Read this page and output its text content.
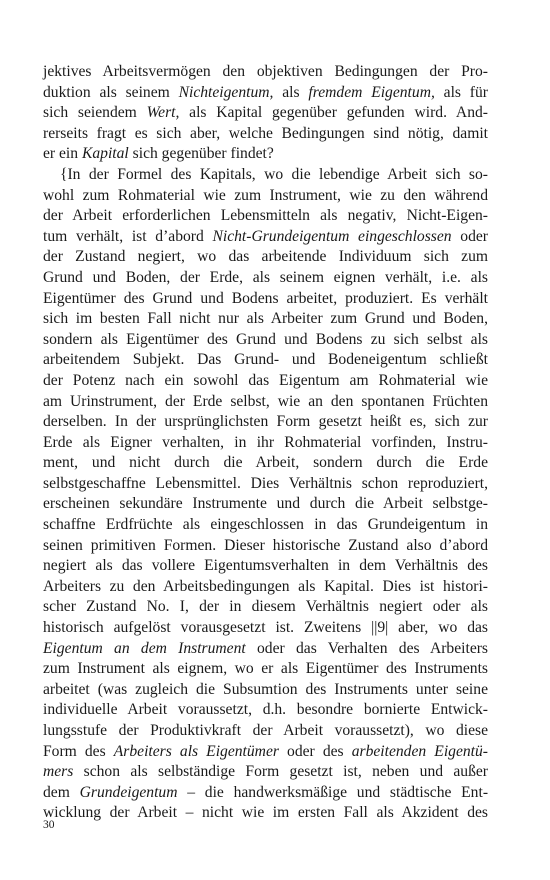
jektives Arbeitsvermögen den objektiven Bedingungen der Pro-
duktion als seinem Nichteigentum, als fremdem Eigentum, als für
sich seiendem Wert, als Kapital gegenüber gefunden wird. And-
rerseits fragt es sich aber, welche Bedingungen sind nötig, damit
er ein Kapital sich gegenüber findet?
{In der Formel des Kapitals, wo die lebendige Arbeit sich so-
wohl zum Rohmaterial wie zum Instrument, wie zu den während
der Arbeit erforderlichen Lebensmitteln als negativ, Nicht-Eigen-
tum verhält, ist d’abord Nicht-Grundeigentum eingeschlossen oder
der Zustand negiert, wo das arbeitende Individuum sich zum
Grund und Boden, der Erde, als seinem eignen verhält, i.e. als
Eigentümer des Grund und Bodens arbeitet, produziert. Es verhält
sich im besten Fall nicht nur als Arbeiter zum Grund und Boden,
sondern als Eigentümer des Grund und Bodens zu sich selbst als
arbeitendem Subjekt. Das Grund- und Bodeneigentum schließt
der Potenz nach ein sowohl das Eigentum am Rohmaterial wie
am Urinstrument, der Erde selbst, wie an den spontanen Früchten
derselben. In der ursprünglichsten Form gesetzt heißt es, sich zur
Erde als Eigner verhalten, in ihr Rohmaterial vorfinden, Instru-
ment, und nicht durch die Arbeit, sondern durch die Erde
selbstgeschaffne Lebensmittel. Dies Verhältnis schon reproduziert,
erscheinen sekundäre Instrumente und durch die Arbeit selbstge-
schaffne Erdfrüchte als eingeschlossen in das Grundeigentum in
seinen primitiven Formen. Dieser historische Zustand also d’abord
negiert als das vollere Eigentumsverhalten in dem Verhältnis des
Arbeiters zu den Arbeitsbedingungen als Kapital. Dies ist histori-
scher Zustand No. I, der in diesem Verhältnis negiert oder als
historisch aufgelöst vorausgesetzt ist. Zweitens ||9| aber, wo das
Eigentum an dem Instrument oder das Verhalten des Arbeiters
zum Instrument als eignem, wo er als Eigentümer des Instruments
arbeitet (was zugleich die Subsumtion des Instruments unter seine
individuelle Arbeit voraussetzt, d.h. besondre bornierte Entwick-
lungsstufe der Produktivkraft der Arbeit voraussetzt), wo diese
Form des Arbeiters als Eigentümer oder des arbeitenden Eigentü-
mers schon als selbständige Form gesetzt ist, neben und außer
dem Grundeigentum – die handwerksmäßige und städtische Ent-
wicklung der Arbeit – nicht wie im ersten Fall als Akzident des
30
